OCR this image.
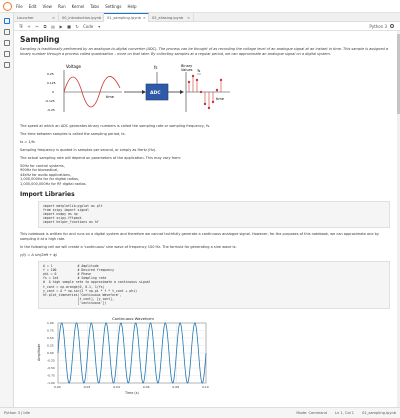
File Edit View Run Kernel Tabs Settings Help
Launcher	× 00_introduction.ipynb 01_sampling.ipynb × 02_aliasing.ipynb ×
🖫 + ✂ ⧉ ▤ ▶ ■ ↻ Code ▾	Python 3
Sampling
Sampling is traditionally performed by an analogue-to-digital converter (ADC). The process can be thought of as recording the voltage level of an analogue signal at an instant in time. This sample is assigned a binary number through a process called quantisation – more on that later. By collecting samples at a regular period, we can approximate an analogue signal on a digital system.
Voltage
0.25
0.125
0
-0.125
-0.25
time
ADC
fs	Binary
Values Ts
time
The speed at which an ADC generates binary numbers is called the sampling rate or sampling frequency, fs.
The time between samples is called the sampling period, ts.
ts = 1/fs
Sampling frequency is quoted in samples per second, or simply as Hertz (Hz).
The actual sampling rate will depend on parameters of the application. This may vary from:
50Hz for control systems,
900Hz for biomedical,
44kHz for audio applications,
1,000,000Hz for for digital radios,
1,000,000,000Hz for RF digital radios.
Import Libraries
import matplotlib.pyplot as plt
from scipy import signal
import numpy as np
import scipy.fftpack
import helper_functions as hf
This notebook is written for and runs on a digital system and therefore we cannot truthfully generate a continuous analogue signal. However, for the purposes of this notebook, we can approximate one by sampling it at a high rate.
In the following cell we will create a 'continuous' sine wave of frequency 100 Hz. The formula for generating a sine wave is:
y(t) = A sin(2πft + ϕ)
A = 1             # Amplitude
f = 100           # Desired frequency
phi = 0           # Phase
fs = 1e4          # Sampling rate
#  A high sample rate to approximate a continuous signal
t_cont = np.arange(0, 0.1, 1/fs)
y_cont = A * np.sin(2 * np.pi * f * t_cont + phi)
hf.plot_timeseries('Continuous Waveform',
[t_cont], [y_cont],
['continuous'])
0.00	0.02	0.04	0.06	0.08	0.10
1.00
0.75
0.50
0.25
0.00
-0.25
-0.50
-0.75
-1.00
Continuous Waveform
Time (s)
Amplitude
Python 3 | Idle	Mode: Command Ln 1, Col 1 01_sampling.ipynb
